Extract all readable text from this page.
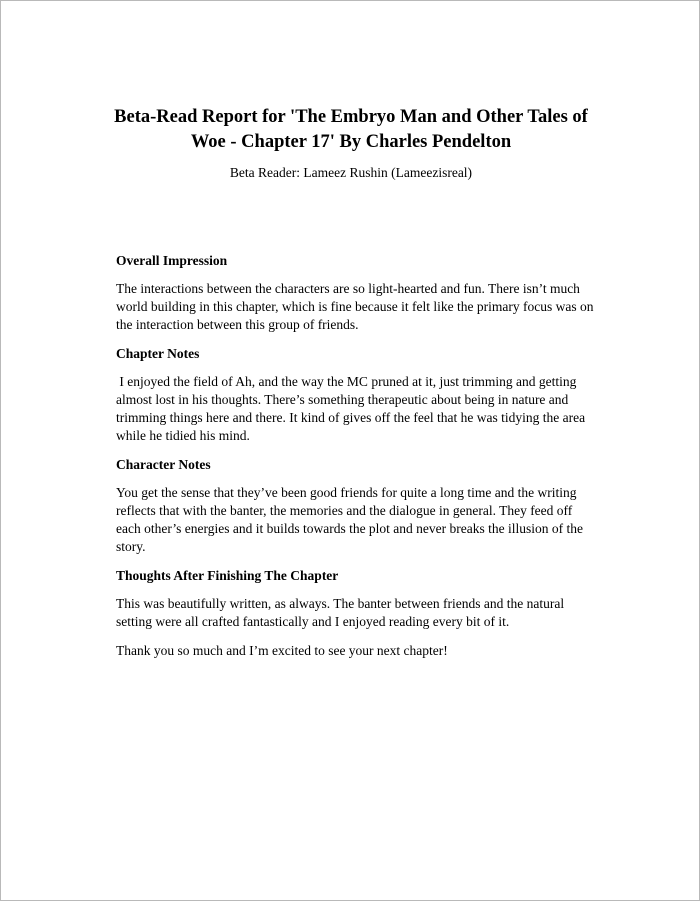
Beta-Read Report for 'The Embryo Man and Other Tales of Woe - Chapter 17' By Charles Pendelton

Beta Reader: Lameez Rushin (Lameezisreal)

Overall Impression

The interactions between the characters are so light-hearted and fun. There isn’t much world building in this chapter, which is fine because it felt like the primary focus was on the interaction between this group of friends.

Chapter Notes

I enjoyed the field of Ah, and the way the MC pruned at it, just trimming and getting almost lost in his thoughts. There’s something therapeutic about being in nature and trimming things here and there. It kind of gives off the feel that he was tidying the area while he tidied his mind.

Character Notes

You get the sense that they’ve been good friends for quite a long time and the writing reflects that with the banter, the memories and the dialogue in general. They feed off each other’s energies and it builds towards the plot and never breaks the illusion of the story.

Thoughts After Finishing The Chapter

This was beautifully written, as always. The banter between friends and the natural setting were all crafted fantastically and I enjoyed reading every bit of it.

Thank you so much and I’m excited to see your next chapter!
